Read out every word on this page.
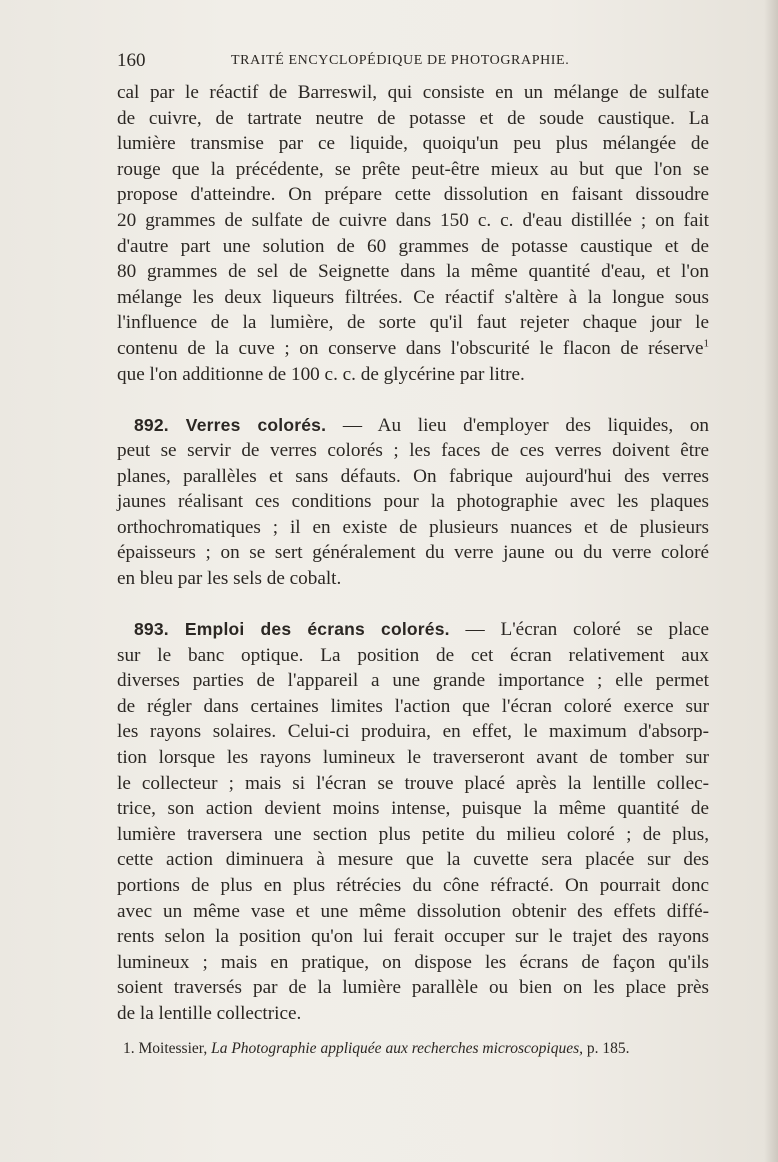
160	TRAITÉ ENCYCLOPÉDIQUE DE PHOTOGRAPHIE.
cal par le réactif de Barreswil, qui consiste en un mélange de sulfate
de cuivre, de tartrate neutre de potasse et de soude caustique. La
lumière transmise par ce liquide, quoiqu'un peu plus mélangée de
rouge que la précédente, se prête peut-être mieux au but que l'on se
propose d'atteindre. On prépare cette dissolution en faisant dissoudre
20 grammes de sulfate de cuivre dans 150 c. c. d'eau distillée ; on fait
d'autre part une solution de 60 grammes de potasse caustique et de
80 grammes de sel de Seignette dans la même quantité d'eau, et l'on
mélange les deux liqueurs filtrées. Ce réactif s'altère à la longue sous
l'influence de la lumière, de sorte qu'il faut rejeter chaque jour le
contenu de la cuve ; on conserve dans l'obscurité le flacon de réserve$^1$
que l'on additionne de 100 c. c. de glycérine par litre.
892. Verres colorés. — Au lieu d'employer des liquides, on
peut se servir de verres colorés ; les faces de ces verres doivent être
planes, parallèles et sans défauts. On fabrique aujourd'hui des verres
jaunes réalisant ces conditions pour la photographie avec les plaques
orthochromatiques ; il en existe de plusieurs nuances et de plusieurs
épaisseurs ; on se sert généralement du verre jaune ou du verre coloré
en bleu par les sels de cobalt.
893. Emploi des écrans colorés. — L'écran coloré se place
sur le banc optique. La position de cet écran relativement aux
diverses parties de l'appareil a une grande importance ; elle permet
de régler dans certaines limites l'action que l'écran coloré exerce sur
les rayons solaires. Celui-ci produira, en effet, le maximum d'absorp-
tion lorsque les rayons lumineux le traverseront avant de tomber sur
le collecteur ; mais si l'écran se trouve placé après la lentille collec-
trice, son action devient moins intense, puisque la même quantité de
lumière traversera une section plus petite du milieu coloré ; de plus,
cette action diminuera à mesure que la cuvette sera placée sur des
portions de plus en plus rétrécies du cône réfracté. On pourrait donc
avec un même vase et une même dissolution obtenir des effets diffé-
rents selon la position qu'on lui ferait occuper sur le trajet des rayons
lumineux ; mais en pratique, on dispose les écrans de façon qu'ils
soient traversés par de la lumière parallèle ou bien on les place près
de la lentille collectrice.
1. Moitessier, La Photographie appliquée aux recherches microscopiques, p. 185.
